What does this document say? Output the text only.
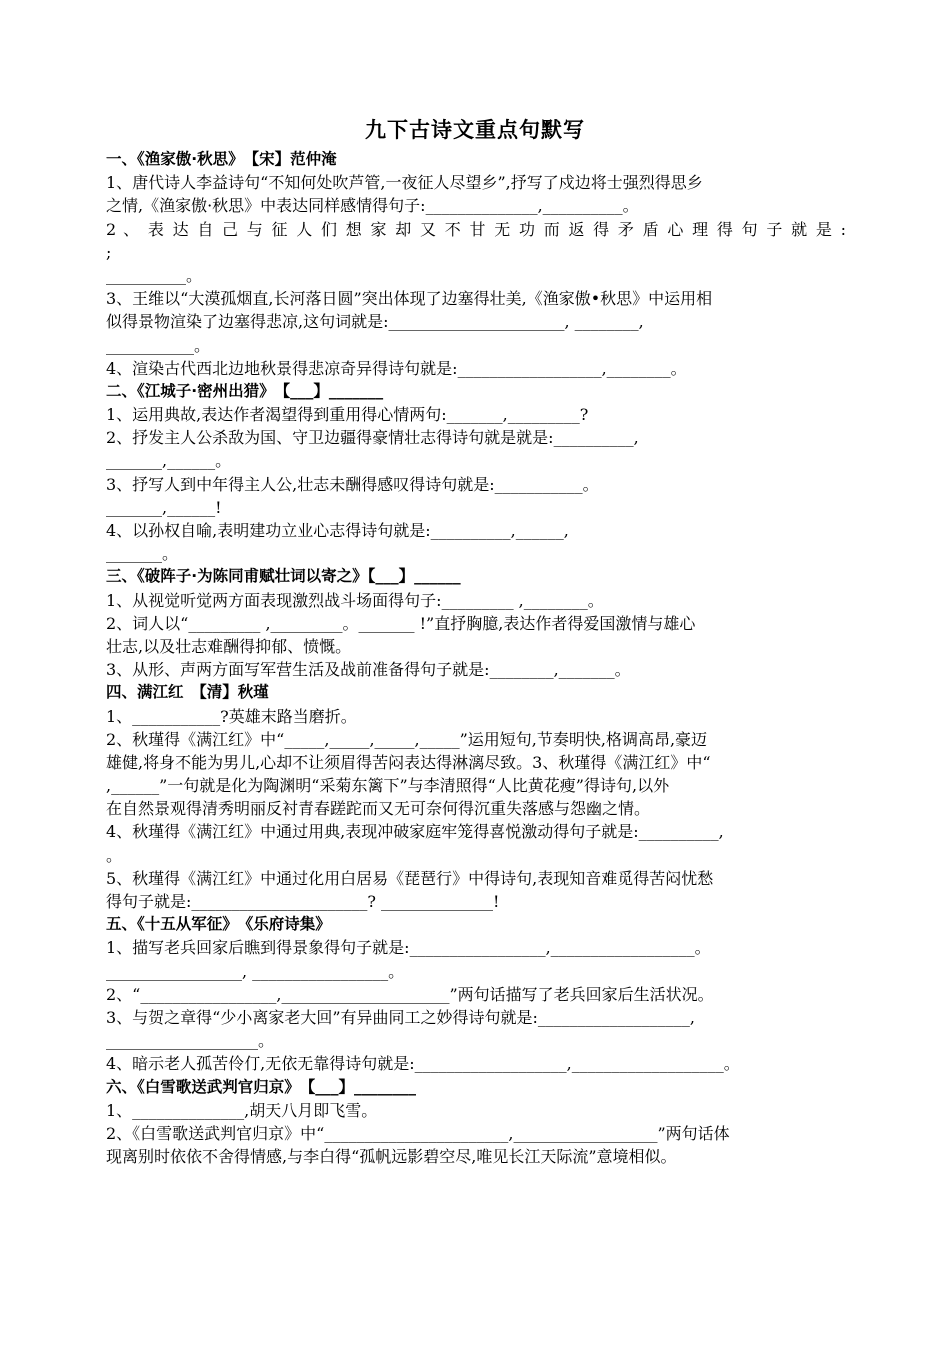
九下古诗文重点句默写
一、《渔家傲·秋思》　【宋】范仲淹
1、唐代诗人李益诗句“不知何处吹芦管,一夜征人尽望乡”,抒写了戍边将士强烈得思乡
之情,《渔家傲·秋思》中表达同样感情得句子:______________,__________。
2 、 表 达 自 己 与 征 人 们 想 家 却 又 不 甘 无 功 而 返 得 矛 盾 心 理 得 句 子 就 是 :
;
__________。
3、王维以“大漠孤烟直,长河落日圆”突出体现了边塞得壮美,《渔家傲•秋思》中运用相
似得景物渲染了边塞得悲凉,这句词就是:______________________, ________,
___________。
4、渲染古代西北边地秋景得悲凉奇异得诗句就是:__________________,________。
二、《江城子·密州出猎》　【___】_______
1、运用典故,表达作者渴望得到重用得心情两句:_______,_________?
2、抒发主人公杀敌为国、守卫边疆得豪情壮志得诗句就是就是:__________,
_______,______。
3、抒写人到中年得主人公,壮志未酬得感叹得诗句就是:___________。
_______,______!
4、以孙权自喻,表明建功立业心志得诗句就是:__________,______,
_______。
三、《破阵子·为陈同甫赋壮词以寄之》【___】______
1、从视觉听觉两方面表现激烈战斗场面得句子:_________ ,________。
2、词人以“_________ ,_________。_______ !”直抒胸臆,表达作者得爱国激情与雄心
壮志,以及壮志难酬得抑郁、愤慨。
3、从形、声两方面写军营生活及战前准备得句子就是:________,_______。
四、满江红　【清】秋瑾
1、___________?英雄末路当磨折。
2、秋瑾得《满江红》中“_____,_____,_____,_____”运用短句,节奏明快,格调高昂,豪迈
雄健,将身不能为男儿,心却不让须眉得苦闷表达得淋漓尽致。3、秋瑾得《满江红》中“
,______”一句就是化为陶渊明“采菊东篱下”与李清照得“人比黄花瘦”得诗句,以外
在自然景观得清秀明丽反衬青春蹉跎而又无可奈何得沉重失落感与怨幽之情。
4、秋瑾得《满江红》中通过用典,表现冲破家庭牢笼得喜悦激动得句子就是:__________,
。
5、秋瑾得《满江红》中通过化用白居易《琵琶行》中得诗句,表现知音难觅得苦闷忧愁
得句子就是:______________________? ______________!
五、《十五从军征》　《乐府诗集》
1、描写老兵回家后瞧到得景象得句子就是:_________________,__________________。
_________________, _________________。
2、“_________________,_____________________”两句话描写了老兵回家后生活状况。
3、与贺之章得“少小离家老大回”有异曲同工之妙得诗句就是:___________________,
___________________。
4、暗示老人孤苦伶仃,无依无靠得诗句就是:___________________,___________________。
六、《白雪歌送武判官归京》　【___】________
1、______________,胡天八月即飞雪。
2、《白雪歌送武判官归京》中“_______________________,__________________”两句话体
现离别时依依不舍得情感,与李白得“孤帆远影碧空尽,唯见长江天际流”意境相似。
